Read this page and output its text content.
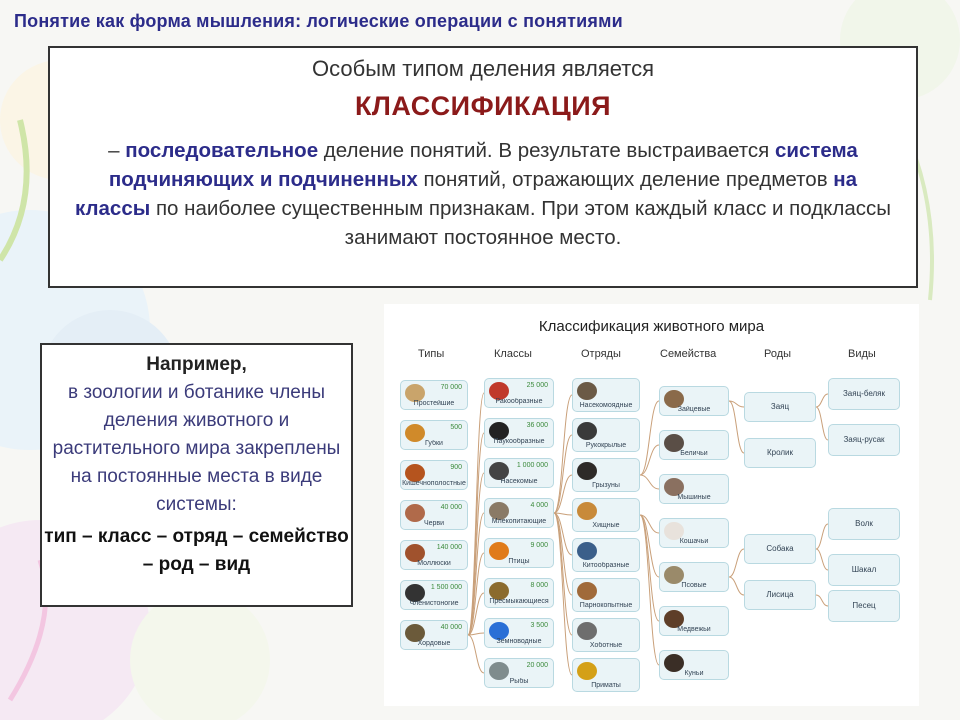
Понятие как форма мышления: логические операции с понятиями
Особым типом деления является
КЛАССИФИКАЦИЯ
– последовательное деление понятий. В результате выстраивается система подчиняющих и подчиненных понятий, отражающих деление предметов на классы по наиболее существенным признакам. При этом каждый класс и подклассы занимают постоянное место.
Например,
в зоологии и ботанике члены деления животного и растительного мира закреплены на постоянные места в виде системы:
тип – класс – отряд – семейство – род – вид
Классификация животного мира
Типы	Классы	Отряды	Семейства	Роды	Виды
70 000
Простейшие
500
Губки
900
Кишечнополостные
40 000
Черви
140 000
Моллюски
1 500 000
Членистоногие
40 000
Хордовые
25 000
Ракообразные
36 000
Паукообразные
1 000 000
Насекомые
4 000
Млекопитающие
9 000
Птицы
8 000
Пресмыкающиеся
3 500
Земноводные
20 000
Рыбы
Насекомоядные
Рукокрылые
Грызуны
Хищные
Китообразные
Парнокопытные
Хоботные
Приматы
Зайцевые
Беличьи
Мышиные
Кошачьи
Псовые
Медвежьи
Куньи
Заяц
Кролик
Собака
Лисица
Заяц-беляк
Заяц-русак
Волк
Шакал
Песец
